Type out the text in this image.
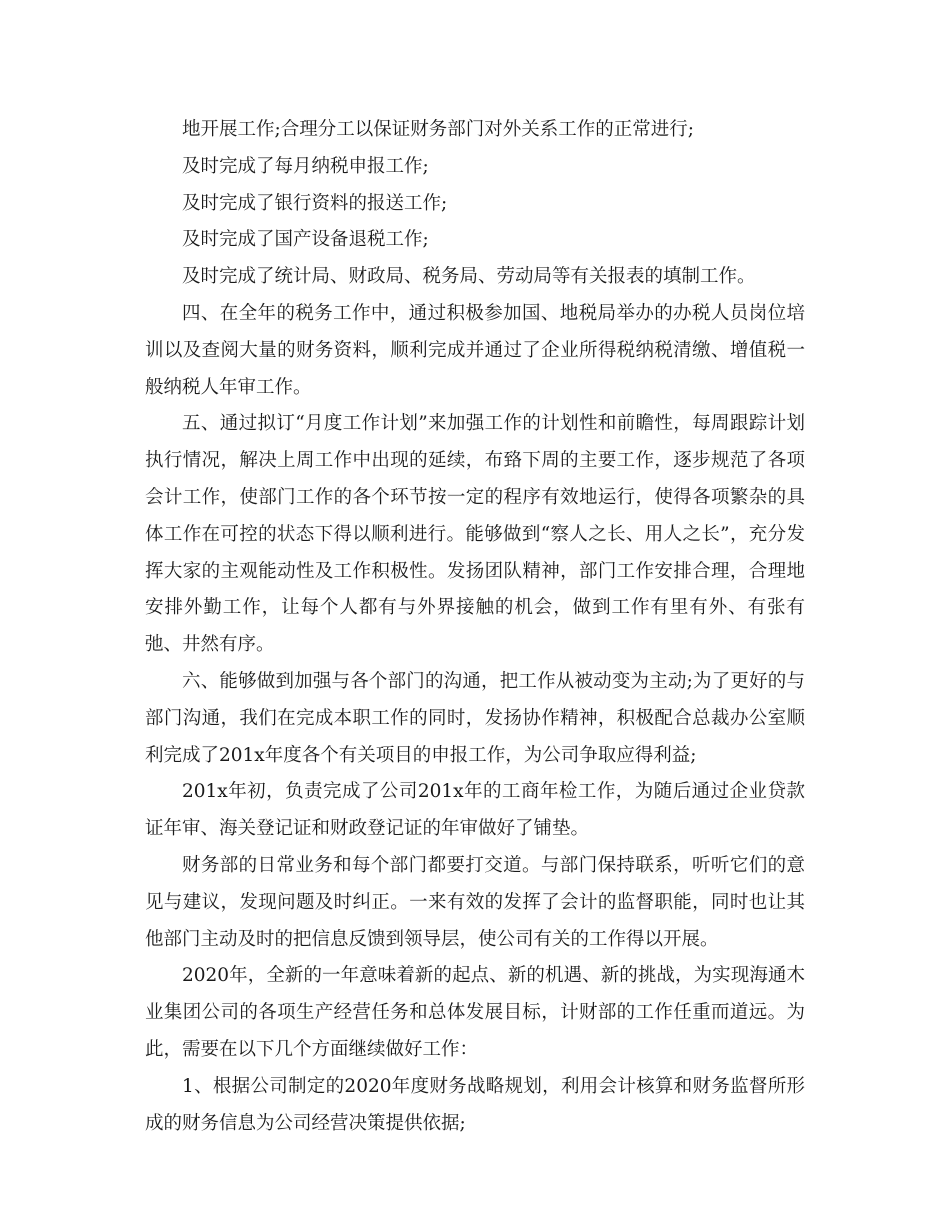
地开展工作;合理分工以保证财务部门对外关系工作的正常进行;

及时完成了每月纳税申报工作;

及时完成了银行资料的报送工作;

及时完成了国产设备退税工作;

及时完成了统计局、财政局、税务局、劳动局等有关报表的填制工作。

四、在全年的税务工作中，通过积极参加国、地税局举办的办税人员岗位培训以及查阅大量的财务资料，顺利完成并通过了企业所得税纳税清缴、增值税一般纳税人年审工作。

五、通过拟订“月度工作计划”来加强工作的计划性和前瞻性，每周跟踪计划执行情况，解决上周工作中出现的延续，布臵下周的主要工作，逐步规范了各项会计工作，使部门工作的各个环节按一定的程序有效地运行，使得各项繁杂的具体工作在可控的状态下得以顺利进行。能够做到“察人之长、用人之长”，充分发挥大家的主观能动性及工作积极性。发扬团队精神，部门工作安排合理，合理地安排外勤工作，让每个人都有与外界接触的机会，做到工作有里有外、有张有弛、井然有序。

六、能够做到加强与各个部门的沟通，把工作从被动变为主动;为了更好的与部门沟通，我们在完成本职工作的同时，发扬协作精神，积极配合总裁办公室顺利完成了201x年度各个有关项目的申报工作，为公司争取应得利益;

201x年初，负责完成了公司201x年的工商年检工作，为随后通过企业贷款证年审、海关登记证和财政登记证的年审做好了铺垫。

财务部的日常业务和每个部门都要打交道。与部门保持联系，听听它们的意见与建议，发现问题及时纠正。一来有效的发挥了会计的监督职能，同时也让其他部门主动及时的把信息反馈到领导层，使公司有关的工作得以开展。

2020年，全新的一年意味着新的起点、新的机遇、新的挑战，为实现海通木业集团公司的各项生产经营任务和总体发展目标，计财部的工作任重而道远。为此，需要在以下几个方面继续做好工作：

1、根据公司制定的2020年度财务战略规划，利用会计核算和财务监督所形成的财务信息为公司经营决策提供依据;
